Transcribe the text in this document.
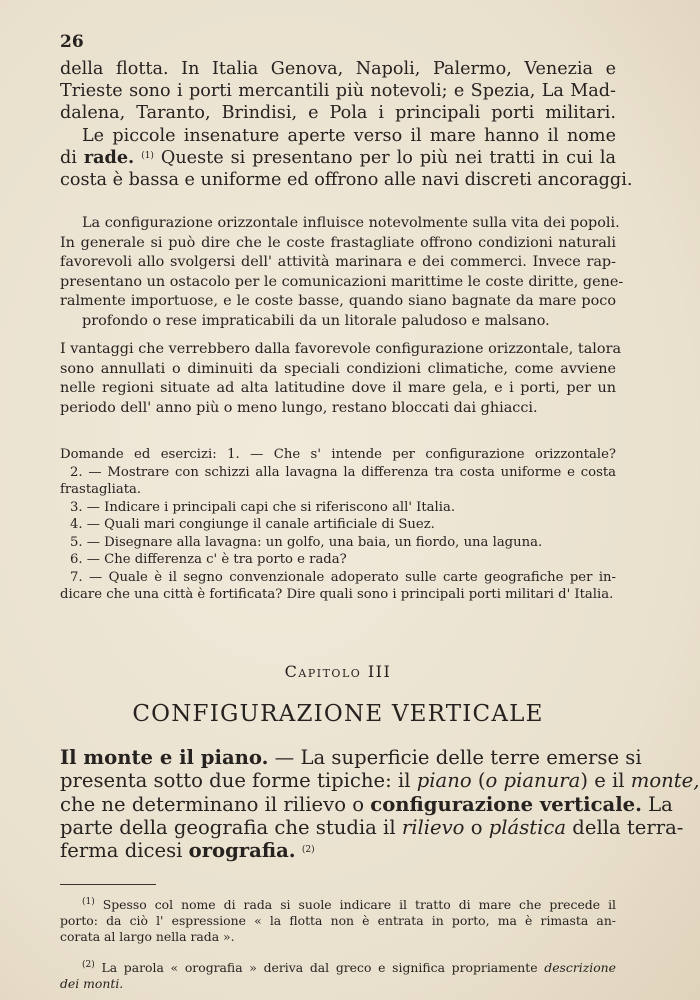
26
della flotta. In Italia Genova, Napoli, Palermo, Venezia e
Trieste sono i porti mercantili più notevoli; e Spezia, La Mad-
dalena, Taranto, Brindisi, e Pola i principali porti militari.
Le piccole insenature aperte verso il mare hanno il nome
di rade. $^{(1)}$ Queste si presentano per lo più nei tratti in cui la
costa è bassa e uniforme ed offrono alle navi discreti ancoraggi.
La configurazione orizzontale influisce notevolmente sulla vita dei popoli.
In generale si può dire che le coste frastagliate offrono condizioni naturali
favorevoli allo svolgersi dell' attività marinara e dei commerci. Invece rap-
presentano un ostacolo per le comunicazioni marittime le coste diritte, gene-
ralmente importuose, e le coste basse, quando siano bagnate da mare poco
profondo o rese impraticabili da un litorale paludoso e malsano.
I vantaggi che verrebbero dalla favorevole configurazione orizzontale, talora
sono annullati o diminuiti da speciali condizioni climatiche, come avviene
nelle regioni situate ad alta latitudine dove il mare gela, e i porti, per un
periodo dell' anno più o meno lungo, restano bloccati dai ghiacci.
Domande ed esercizi: 1. — Che s' intende per configurazione orizzontale?
2. — Mostrare con schizzi alla lavagna la differenza tra costa uniforme e costa
frastagliata.
3. — Indicare i principali capi che si riferiscono all' Italia.
4. — Quali mari congiunge il canale artificiale di Suez.
5. — Disegnare alla lavagna: un golfo, una baia, un fiordo, una laguna.
6. — Che differenza c' è tra porto e rada?
7. — Quale è il segno convenzionale adoperato sulle carte geografiche per in-
dicare che una città è fortificata? Dire quali sono i principali porti militari d' Italia.
Capitolo III
CONFIGURAZIONE VERTICALE
Il monte e il piano. — La superficie delle terre emerse si
presenta sotto due forme tipiche: il piano (o pianura) e il monte,
che ne determinano il rilievo o configurazione verticale. La
parte della geografia che studia il rilievo o plástica della terra-
ferma dicesi orografia. $^{(2)}$
$^{(1)}$ Spesso col nome di rada si suole indicare il tratto di mare che precede il
porto: da ciò l' espressione « la flotta non è entrata in porto, ma è rimasta an-
corata al largo nella rada ».
$^{(2)}$ La parola « orografia » deriva dal greco e significa propriamente descrizione
dei monti.
